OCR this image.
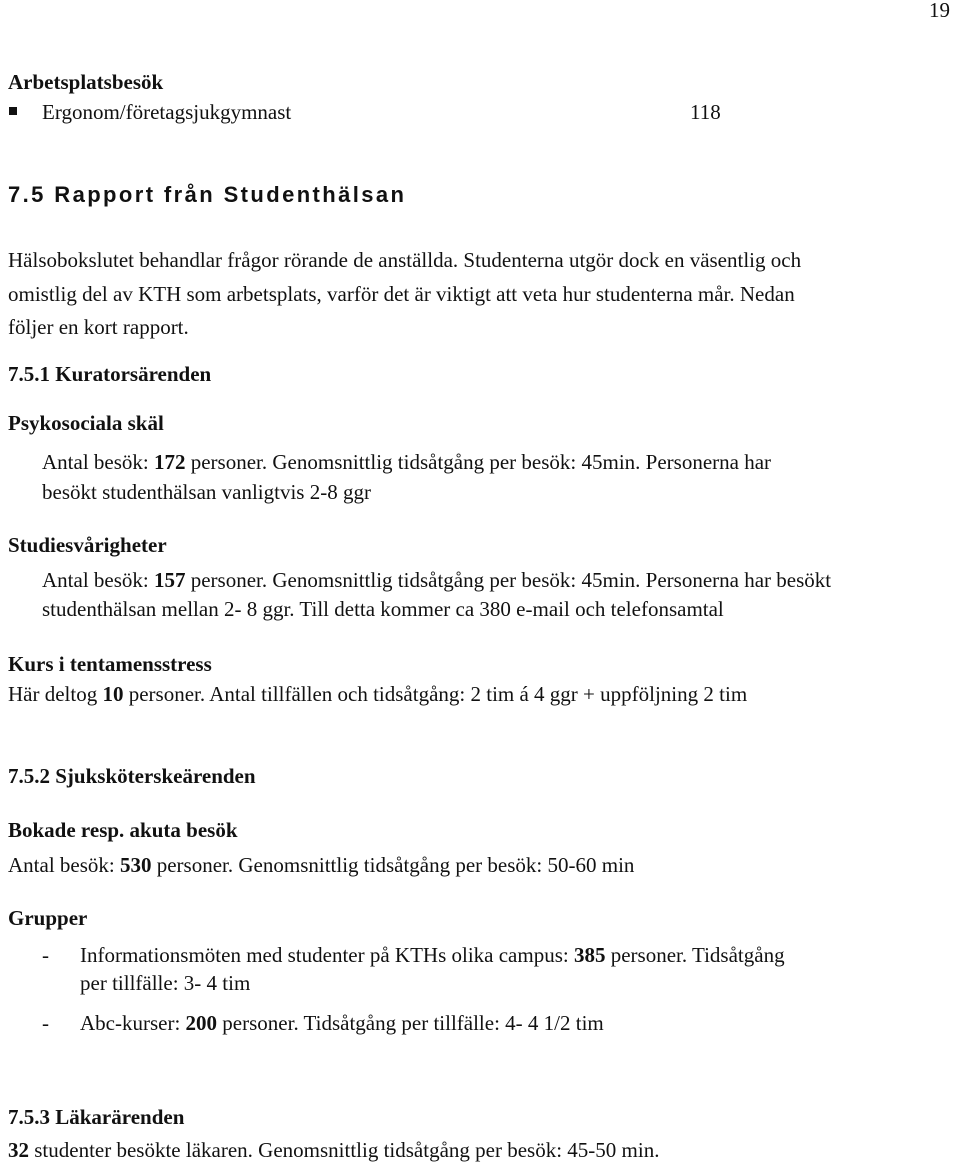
19
Arbetsplatsbesök
Ergonom/företagsjukgymnast	118
7.5 Rapport från Studenthälsan
Hälsobokslutet behandlar frågor rörande de anställda. Studenterna utgör dock en väsentlig och
omistlig del av KTH som arbetsplats, varför det är viktigt att veta hur studenterna mår. Nedan
följer en kort rapport.
7.5.1 Kuratorsärenden
Psykosociala skäl
Antal besök: 172 personer. Genomsnittlig tidsåtgång per besök: 45min. Personerna har
besökt studenthälsan vanligtvis 2-8 ggr
Studiesvårigheter
Antal besök: 157 personer. Genomsnittlig tidsåtgång per besök: 45min. Personerna har besökt
studenthälsan mellan 2- 8 ggr. Till detta kommer ca 380 e-mail och telefonsamtal
Kurs i tentamensstress
Här deltog 10 personer. Antal tillfällen och tidsåtgång: 2 tim á 4 ggr + uppföljning 2 tim
7.5.2 Sjuksköterskeärenden
Bokade resp. akuta besök
Antal besök: 530 personer. Genomsnittlig tidsåtgång per besök: 50-60 min
Grupper
- Informationsmöten med studenter på KTHs olika campus: 385 personer. Tidsåtgång
per tillfälle: 3- 4 tim
- Abc-kurser: 200 personer. Tidsåtgång per tillfälle: 4- 4 1/2 tim
7.5.3 Läkarärenden
32 studenter besökte läkaren. Genomsnittlig tidsåtgång per besök: 45-50 min.
